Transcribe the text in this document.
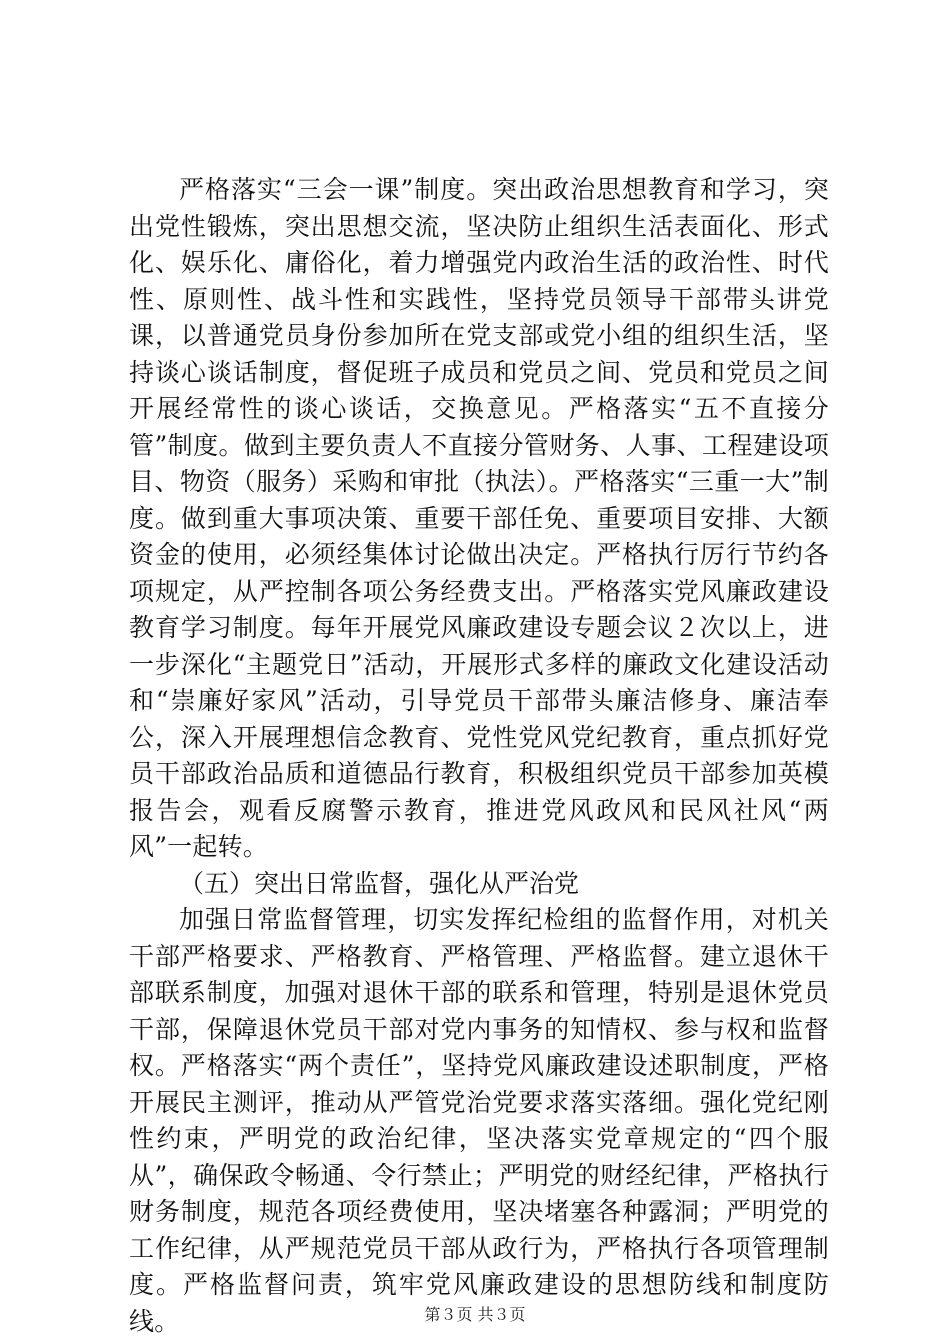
严格落实“三会一课”制度。突出政治思想教育和学习，突出党性锻炼，突出思想交流，坚决防止组织生活表面化、形式化、娱乐化、庸俗化，着力增强党内政治生活的政治性、时代性、原则性、战斗性和实践性，坚持党员领导干部带头讲党课，以普通党员身份参加所在党支部或党小组的组织生活，坚持谈心谈话制度，督促班子成员和党员之间、党员和党员之间开展经常性的谈心谈话，交换意见。严格落实“五不直接分管”制度。做到主要负责人不直接分管财务、人事、工程建设项目、物资（服务）采购和审批（执法）。严格落实“三重一大”制度。做到重大事项决策、重要干部任免、重要项目安排、大额资金的使用，必须经集体讨论做出决定。严格执行厉行节约各项规定，从严控制各项公务经费支出。严格落实党风廉政建设教育学习制度。每年开展党风廉政建设专题会议２次以上，进一步深化“主题党日”活动，开展形式多样的廉政文化建设活动和“崇廉好家风”活动，引导党员干部带头廉洁修身、廉洁奉公，深入开展理想信念教育、党性党风党纪教育，重点抓好党员干部政治品质和道德品行教育，积极组织党员干部参加英模报告会，观看反腐警示教育，推进党风政风和民风社风“两风”一起转。

（五）突出日常监督，强化从严治党

加强日常监督管理，切实发挥纪检组的监督作用，对机关干部严格要求、严格教育、严格管理、严格监督。建立退休干部联系制度，加强对退休干部的联系和管理，特别是退休党员干部，保障退休党员干部对党内事务的知情权、参与权和监督权。严格落实“两个责任”，坚持党风廉政建设述职制度，严格开展民主测评，推动从严管党治党要求落实落细。强化党纪刚性约束，严明党的政治纪律，坚决落实党章规定的“四个服从”，确保政令畅通、令行禁止；严明党的财经纪律，严格执行财务制度，规范各项经费使用，坚决堵塞各种露洞；严明党的工作纪律，从严规范党员干部从政行为，严格执行各项管理制度。严格监督问责，筑牢党风廉政建设的思想防线和制度防线。	第３页 共３页
